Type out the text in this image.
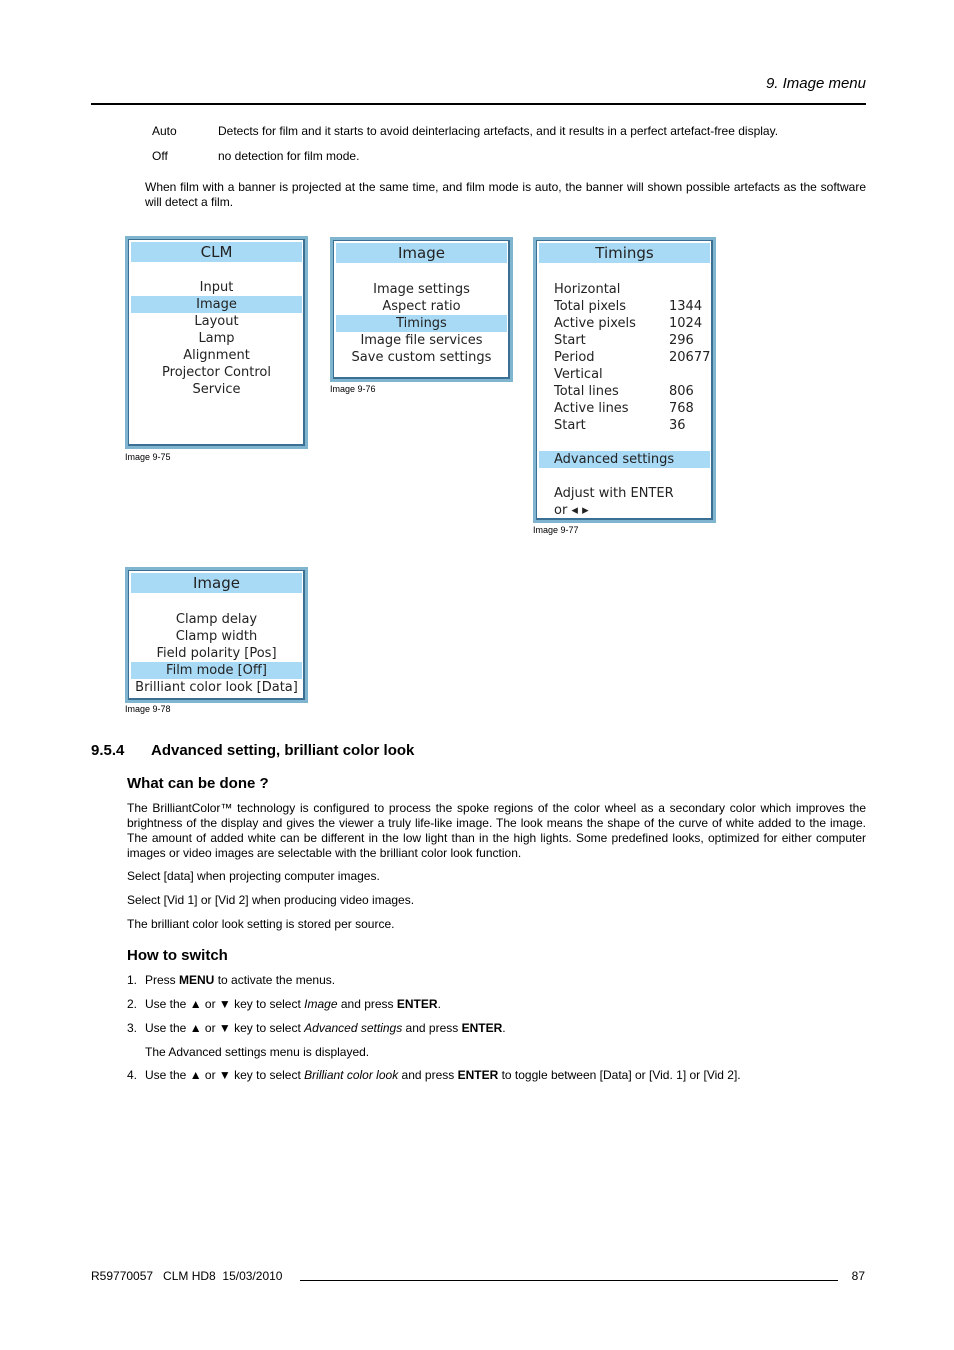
9. Image menu
Auto	Detects for film and it starts to avoid deinterlacing artefacts, and it results in a perfect artefact-free display.
Off	no detection for film mode.
When film with a banner is projected at the same time, and film mode is auto, the banner will shown possible artefacts as the software will detect a film.
CLM
Input
Image
Layout
Lamp
Alignment
Projector Control
Service
Image 9-75
Image
Image settings
Aspect ratio
Timings
Image file services
Save custom settings
Image 9-76
Timings
Horizontal
Total pixels	1344
Active pixels	1024
Start	296
Period	20677
Vertical
Total lines	806
Active lines	768
Start	36
Advanced settings
Adjust with ENTER
or ◂ ▸
Image 9-77
Image
Clamp delay
Clamp width
Field polarity [Pos]
Film mode [Off]
Brilliant color look [Data]
Image 9-78
9.5.4 Advanced setting, brilliant color look
What can be done ?
The BrilliantColor™ technology is configured to process the spoke regions of the color wheel as a secondary color which improves the brightness of the display and gives the viewer a truly life-like image. The look means the shape of the curve of white added to the image. The amount of added white can be different in the low light than in the high lights. Some predefined looks, optimized for either computer images or video images are selectable with the brilliant color look function.
Select [data] when projecting computer images.
Select [Vid 1] or [Vid 2] when producing video images.
The brilliant color look setting is stored per source.
How to switch
1. Press MENU to activate the menus.
2. Use the ▲ or ▼ key to select Image and press ENTER.
3. Use the ▲ or ▼ key to select Advanced settings and press ENTER.
The Advanced settings menu is displayed.
4. Use the ▲ or ▼ key to select Brilliant color look and press ENTER to toggle between [Data] or [Vid. 1] or [Vid 2].
R59770057   CLM HD8  15/03/2010	87
